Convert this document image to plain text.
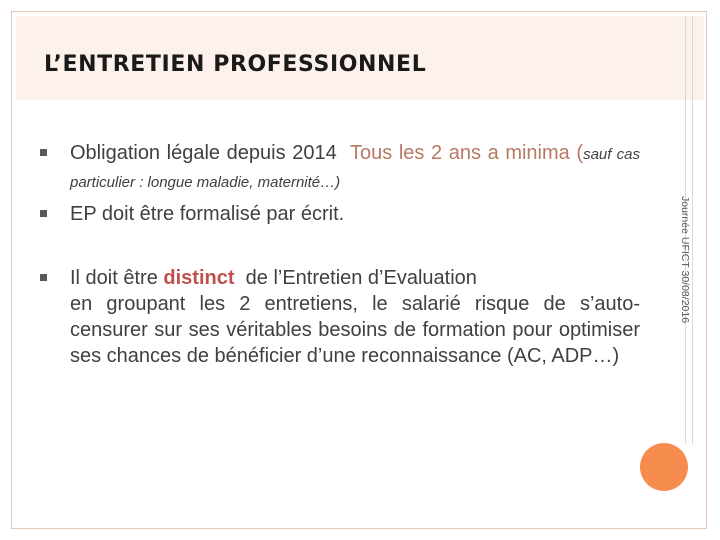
L’ENTRETIEN PROFESSIONNEL
Journée UFICT 30/08/2016
Obligation légale depuis 2014 Tous les 2 ans a minima (sauf cas particulier : longue maladie, maternité…)
EP doit être formalisé par écrit.
Il doit être distinct de l’Entretien d’Evaluation
en groupant les 2 entretiens, le salarié risque de s’auto-censurer sur ses véritables besoins de formation pour optimiser ses chances de bénéficier d’une reconnaissance (AC, ADP…)
